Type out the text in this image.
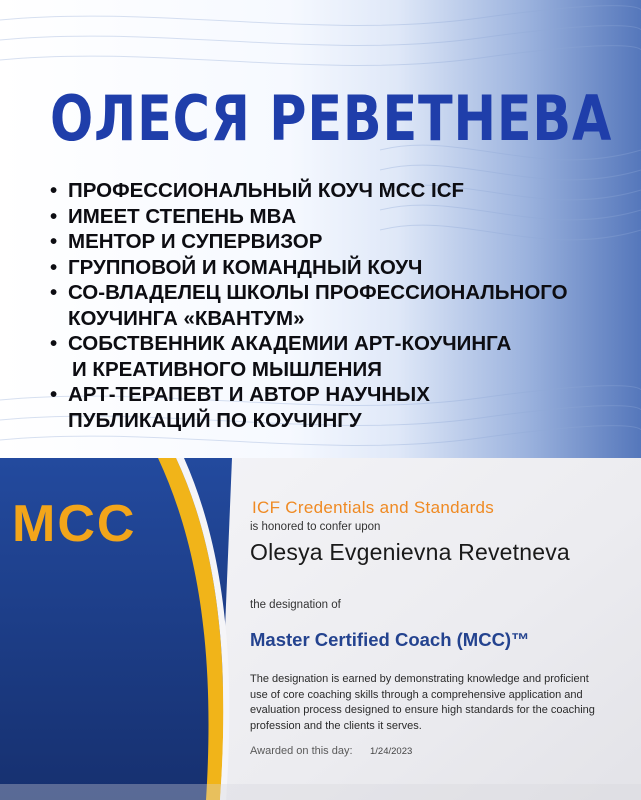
ОЛЕСЯ РЕВЕТНЕВА
• ПРОФЕССИОНАЛЬНЫЙ КОУЧ MCC ICF
• ИМЕЕТ СТЕПЕНЬ MBA
• МЕНТОР И СУПЕРВИЗОР
• ГРУППОВОЙ И КОМАНДНЫЙ КОУЧ
• СО-ВЛАДЕЛЕЦ ШКОЛЫ ПРОФЕССИОНАЛЬНОГО
КОУЧИНГА «КВАНТУМ»
• СОБСТВЕННИК АКАДЕМИИ АРТ-КОУЧИНГА
И КРЕАТИВНОГО МЫШЛЕНИЯ
• АРТ-ТЕРАПЕВТ И АВТОР НАУЧНЫХ
ПУБЛИКАЦИЙ ПО КОУЧИНГУ
MCC	ICF Credentials and Standards
is honored to confer upon
Olesya Evgenievna Revetneva
the designation of
Master Certified Coach (MCC)™
The designation is earned by demonstrating knowledge and proficient
use of core coaching skills through a comprehensive application and
evaluation process designed to ensure high standards for the coaching
profession and the clients it serves.
Awarded on this day: 1/24/2023
